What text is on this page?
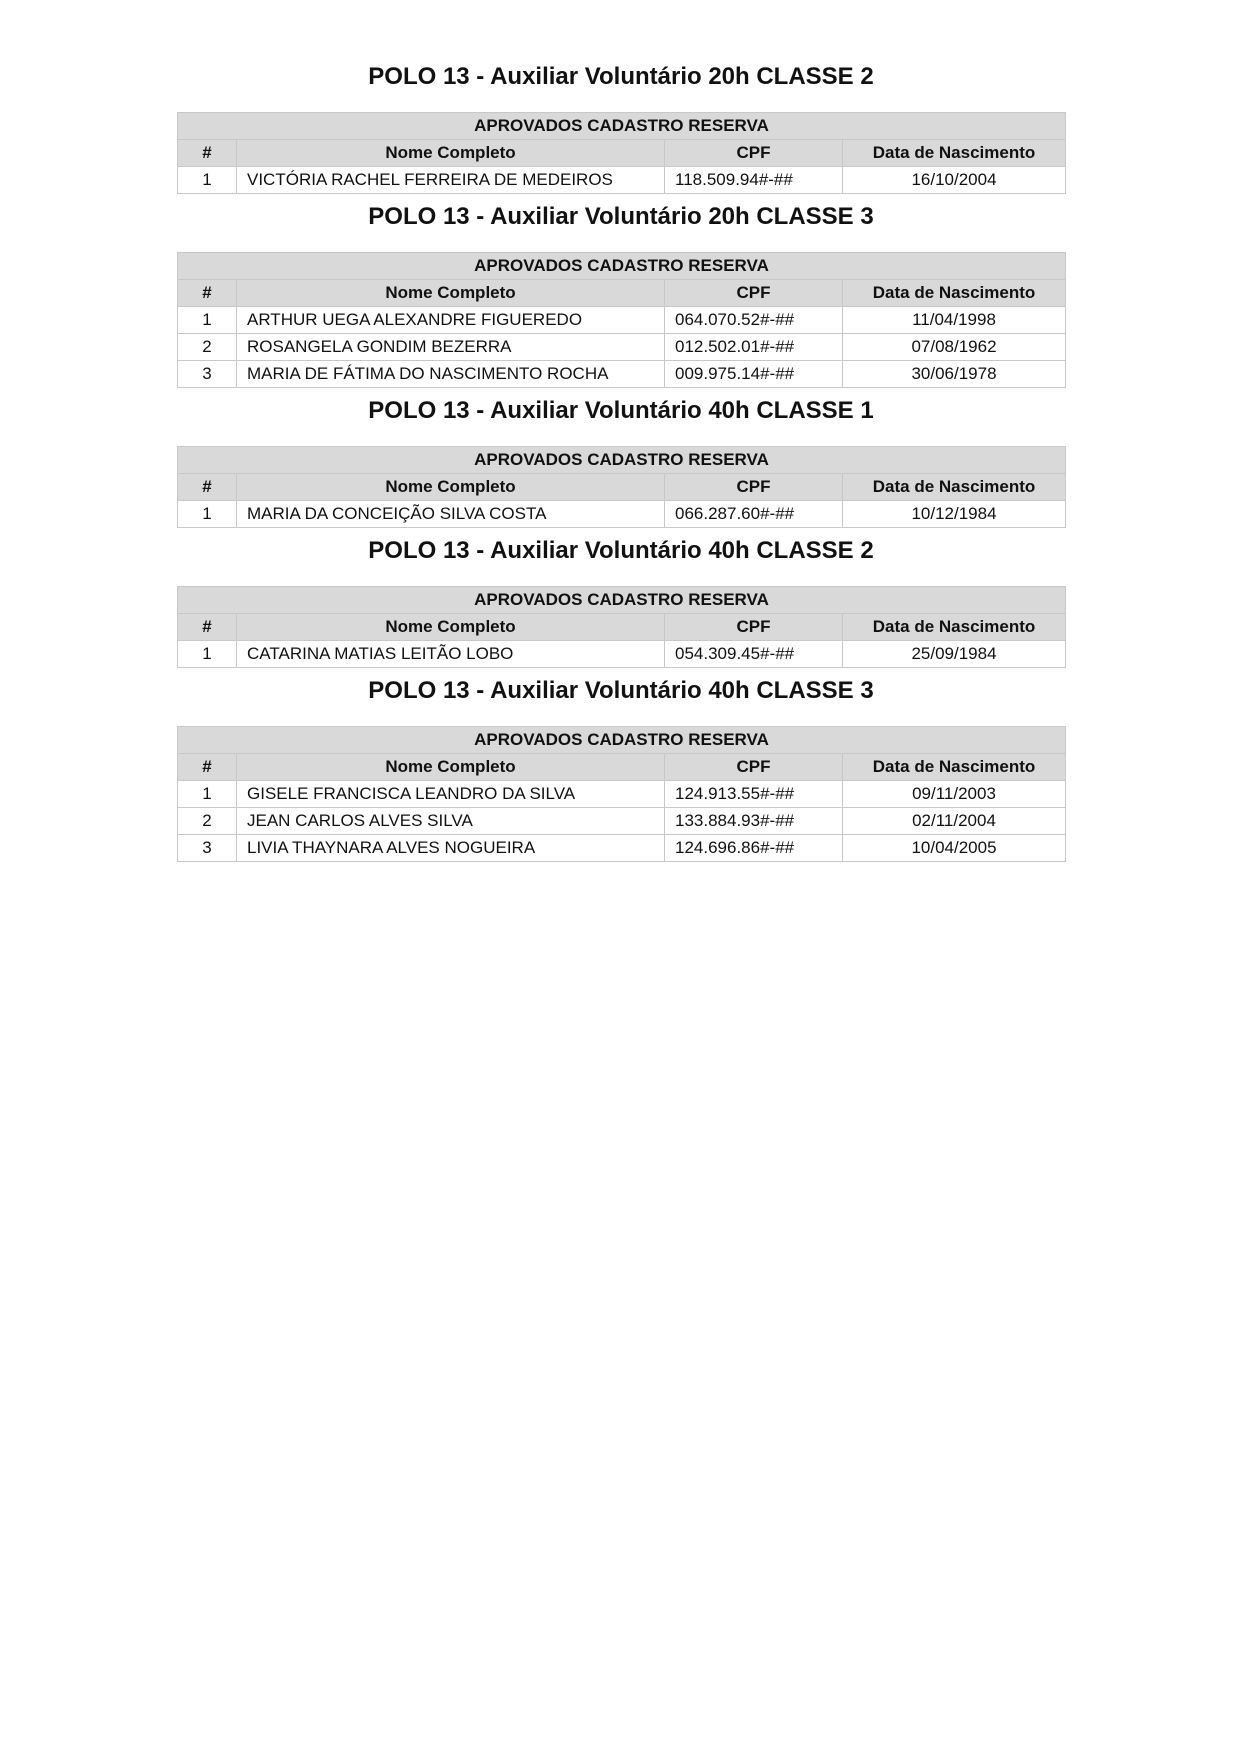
POLO 13 - Auxiliar Voluntário 20h CLASSE 2
APROVADOS CADASTRO RESERVA			
#	Nome Completo	CPF	Data de Nascimento
1	VICTÓRIA RACHEL FERREIRA DE MEDEIROS	118.509.94#-##	16/10/2004
POLO 13 - Auxiliar Voluntário 20h CLASSE 3
APROVADOS CADASTRO RESERVA			
#	Nome Completo	CPF	Data de Nascimento
1	ARTHUR UEGA ALEXANDRE FIGUEREDO	064.070.52#-##	11/04/1998
2	ROSANGELA GONDIM BEZERRA	012.502.01#-##	07/08/1962
3	MARIA DE FÁTIMA DO NASCIMENTO ROCHA	009.975.14#-##	30/06/1978
POLO 13 - Auxiliar Voluntário 40h CLASSE 1
APROVADOS CADASTRO RESERVA			
#	Nome Completo	CPF	Data de Nascimento
1	MARIA DA CONCEIÇÃO SILVA COSTA	066.287.60#-##	10/12/1984
POLO 13 - Auxiliar Voluntário 40h CLASSE 2
APROVADOS CADASTRO RESERVA			
#	Nome Completo	CPF	Data de Nascimento
1	CATARINA MATIAS LEITÃO LOBO	054.309.45#-##	25/09/1984
POLO 13 - Auxiliar Voluntário 40h CLASSE 3
APROVADOS CADASTRO RESERVA			
#	Nome Completo	CPF	Data de Nascimento
1	GISELE FRANCISCA LEANDRO DA SILVA	124.913.55#-##	09/11/2003
2	JEAN CARLOS ALVES SILVA	133.884.93#-##	02/11/2004
3	LIVIA THAYNARA ALVES NOGUEIRA	124.696.86#-##	10/04/2005
